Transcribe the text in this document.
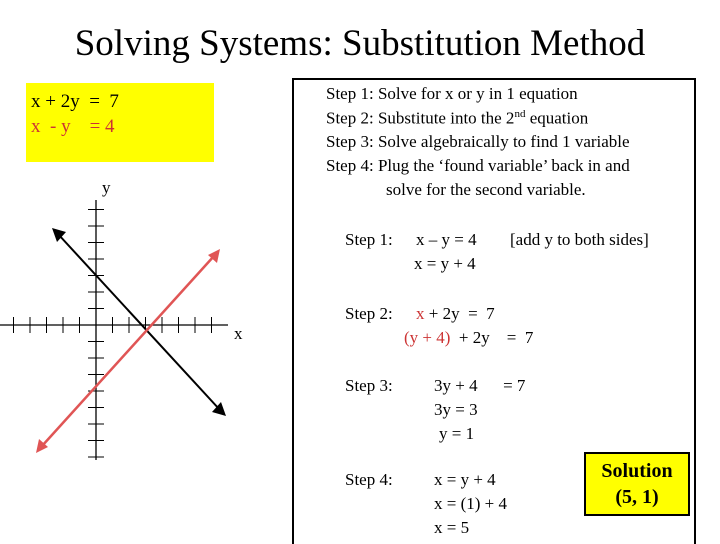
Solving Systems: Substitution Method
x + 2y  =  7
x  - y    = 4
y
x
Step 1: Solve for x or y in 1 equation
Step 2: Substitute into the 2nd equation
Step 3: Solve algebraically to find 1 variable
Step 4: Plug the ‘found variable’ back in and
solve for the second variable.
Step 1: x – y = 4 [add y to both sides]
x = y + 4
Step 2: x + 2y  =  7
(y + 4)  + 2y    =  7
Step 3: 3y + 4      = 7
3y = 3
y = 1
Step 4: x = y + 4
x = (1) + 4
x = 5
Solution
(5, 1)
